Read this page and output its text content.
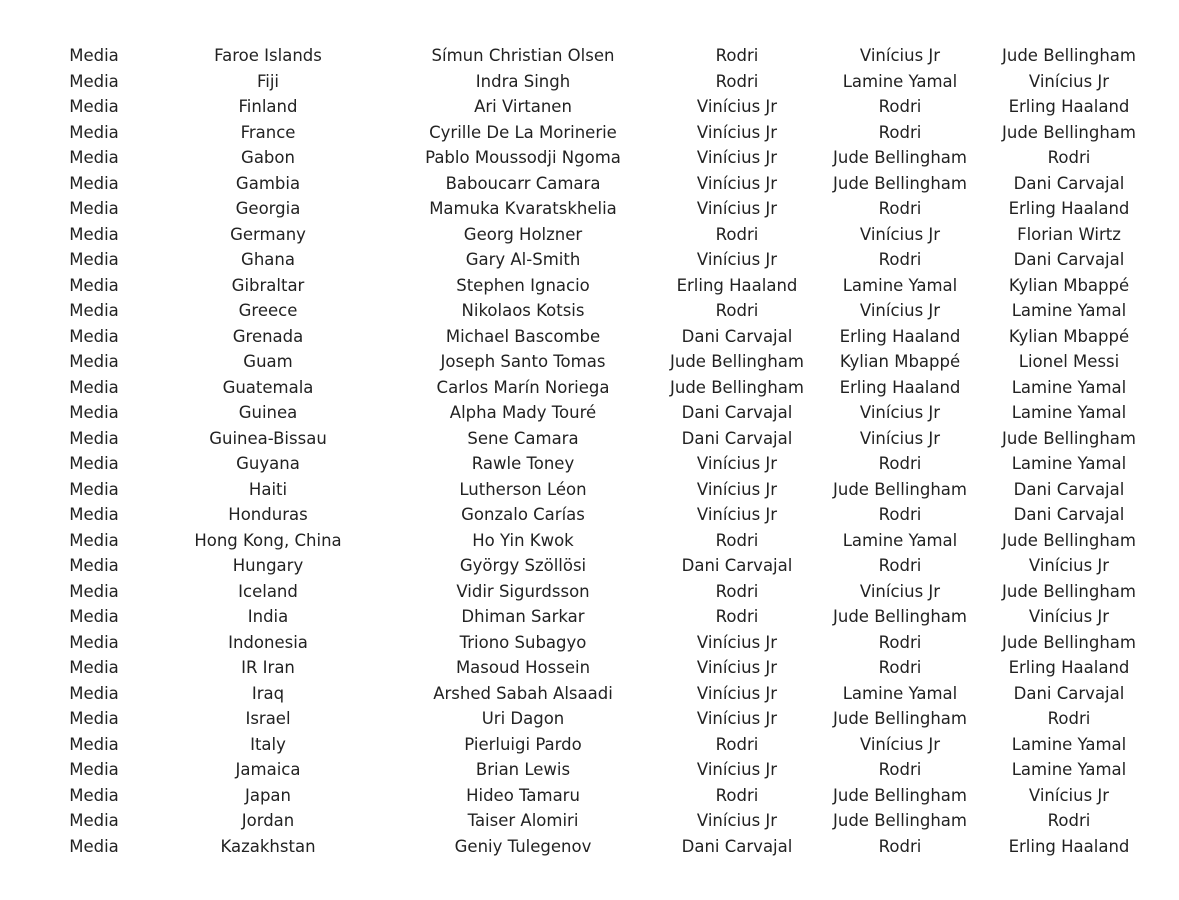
Media	Faroe Islands	Símun Christian Olsen	Rodri	Vinícius Jr	Jude Bellingham
Media	Fiji	Indra Singh	Rodri	Lamine Yamal	Vinícius Jr
Media	Finland	Ari Virtanen	Vinícius Jr	Rodri	Erling Haaland
Media	France	Cyrille De La Morinerie	Vinícius Jr	Rodri	Jude Bellingham
Media	Gabon	Pablo Moussodji Ngoma	Vinícius Jr	Jude Bellingham	Rodri
Media	Gambia	Baboucarr Camara	Vinícius Jr	Jude Bellingham	Dani Carvajal
Media	Georgia	Mamuka Kvaratskhelia	Vinícius Jr	Rodri	Erling Haaland
Media	Germany	Georg Holzner	Rodri	Vinícius Jr	Florian Wirtz
Media	Ghana	Gary Al-Smith	Vinícius Jr	Rodri	Dani Carvajal
Media	Gibraltar	Stephen Ignacio	Erling Haaland	Lamine Yamal	Kylian Mbappé
Media	Greece	Nikolaos Kotsis	Rodri	Vinícius Jr	Lamine Yamal
Media	Grenada	Michael Bascombe	Dani Carvajal	Erling Haaland	Kylian Mbappé
Media	Guam	Joseph Santo Tomas	Jude Bellingham	Kylian Mbappé	Lionel Messi
Media	Guatemala	Carlos Marín Noriega	Jude Bellingham	Erling Haaland	Lamine Yamal
Media	Guinea	Alpha Mady Touré	Dani Carvajal	Vinícius Jr	Lamine Yamal
Media	Guinea-Bissau	Sene Camara	Dani Carvajal	Vinícius Jr	Jude Bellingham
Media	Guyana	Rawle Toney	Vinícius Jr	Rodri	Lamine Yamal
Media	Haiti	Lutherson Léon	Vinícius Jr	Jude Bellingham	Dani Carvajal
Media	Honduras	Gonzalo Carías	Vinícius Jr	Rodri	Dani Carvajal
Media	Hong Kong, China	Ho Yin Kwok	Rodri	Lamine Yamal	Jude Bellingham
Media	Hungary	György Szöllösi	Dani Carvajal	Rodri	Vinícius Jr
Media	Iceland	Vidir Sigurdsson	Rodri	Vinícius Jr	Jude Bellingham
Media	India	Dhiman Sarkar	Rodri	Jude Bellingham	Vinícius Jr
Media	Indonesia	Triono Subagyo	Vinícius Jr	Rodri	Jude Bellingham
Media	IR Iran	Masoud Hossein	Vinícius Jr	Rodri	Erling Haaland
Media	Iraq	Arshed Sabah Alsaadi	Vinícius Jr	Lamine Yamal	Dani Carvajal
Media	Israel	Uri Dagon	Vinícius Jr	Jude Bellingham	Rodri
Media	Italy	Pierluigi Pardo	Rodri	Vinícius Jr	Lamine Yamal
Media	Jamaica	Brian Lewis	Vinícius Jr	Rodri	Lamine Yamal
Media	Japan	Hideo Tamaru	Rodri	Jude Bellingham	Vinícius Jr
Media	Jordan	Taiser Alomiri	Vinícius Jr	Jude Bellingham	Rodri
Media	Kazakhstan	Geniy Tulegenov	Dani Carvajal	Rodri	Erling Haaland
